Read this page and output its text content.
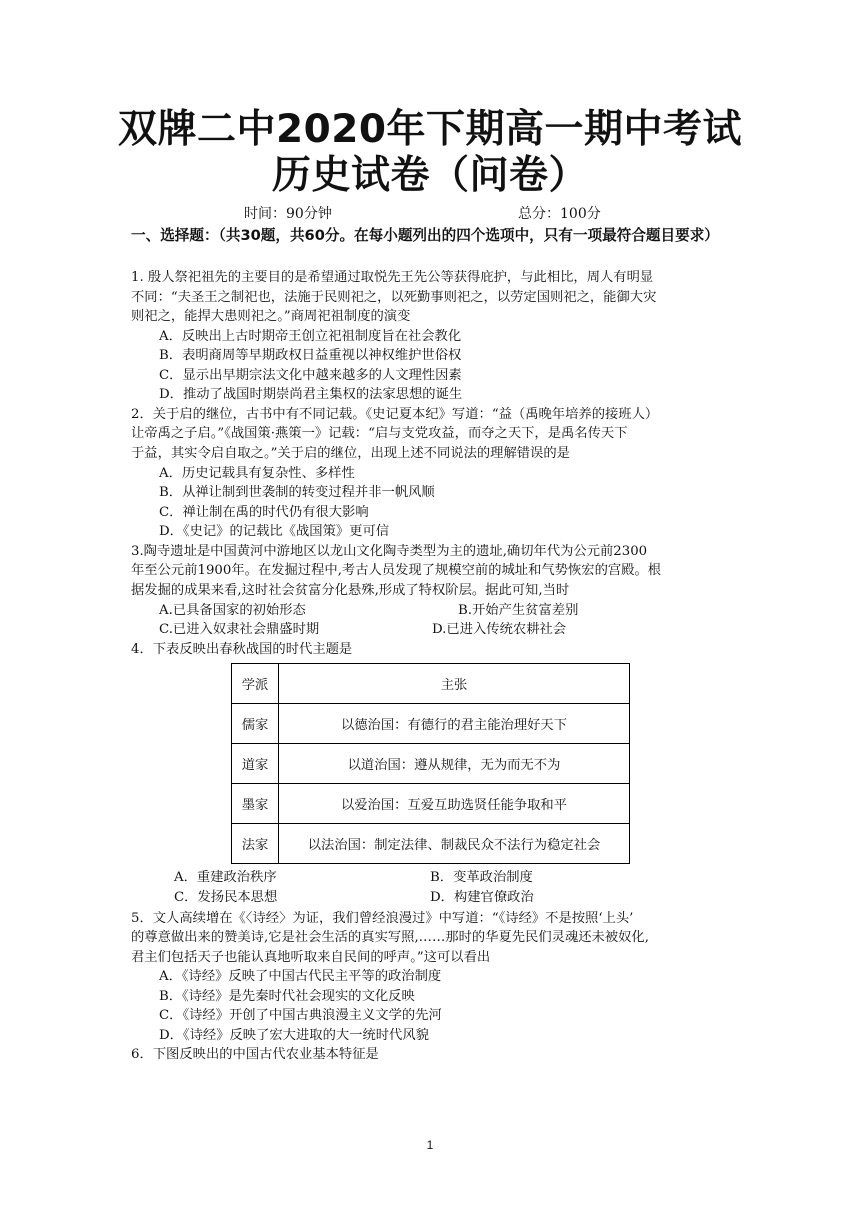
双牌二中2020年下期高一期中考试
历史试卷（问卷）
时间：90分钟	总分：100分
一、选择题：（共30题，共60分。在每小题列出的四个选项中，只有一项最符合题目要求）
1. 殷人祭祀祖先的主要目的是希望通过取悦先王先公等获得庇护，与此相比，周人有明显
不同：“夫圣王之制祀也，法施于民则祀之，以死勤事则祀之，以劳定国则祀之，能御大灾
则祀之，能捍大患则祀之。”商周祀祖制度的演变
A．反映出上古时期帝王创立祀祖制度旨在社会教化
B．表明商周等早期政权日益重视以神权维护世俗权
C．显示出早期宗法文化中越来越多的人文理性因素
D．推动了战国时期崇尚君主集权的法家思想的诞生
2．关于启的继位，古书中有不同记载。《史记夏本纪》写道：“益（禹晚年培养的接班人）
让帝禹之子启。”《战国策·燕策一》记载：“启与支党攻益，而夺之天下，是禹名传天下
于益，其实令启自取之。”关于启的继位，出现上述不同说法的理解错误的是
A．历史记载具有复杂性、多样性
B．从禅让制到世袭制的转变过程并非一帆风顺
C．禅让制在禹的时代仍有很大影响
D．《史记》的记载比《战国策》更可信
3.陶寺遗址是中国黄河中游地区以龙山文化陶寺类型为主的遗址,确切年代为公元前2300
年至公元前1900年。在发掘过程中,考古人员发现了规模空前的城址和气势恢宏的宫殿。根
据发掘的成果来看,这时社会贫富分化悬殊,形成了特权阶层。据此可知,当时
A.已具备国家的初始形态	B.开始产生贫富差别
C.已进入奴隶社会鼎盛时期	D.已进入传统农耕社会
4．下表反映出春秋战国的时代主题是
学派	主张
儒家	以德治国：有德行的君主能治理好天下
道家	以道治国：遵从规律，无为而无不为
墨家	以爱治国：互爱互助选贤任能争取和平
法家	以法治国：制定法律、制裁民众不法行为稳定社会
A．重建政治秩序	B．变革政治制度
C．发扬民本思想	D．构建官僚政治
5．文人高续增在《〈诗经〉为证，我们曾经浪漫过》中写道：“《诗经》不是按照‘上头’
的尊意做出来的赞美诗,它是社会生活的真实写照,……那时的华夏先民们灵魂还未被奴化,
君主们包括天子也能认真地听取来自民间的呼声。”这可以看出
A．《诗经》反映了中国古代民主平等的政治制度
B．《诗经》是先秦时代社会现实的文化反映
C．《诗经》开创了中国古典浪漫主义文学的先河
D．《诗经》反映了宏大进取的大一统时代风貌
6．下图反映出的中国古代农业基本特征是
1
